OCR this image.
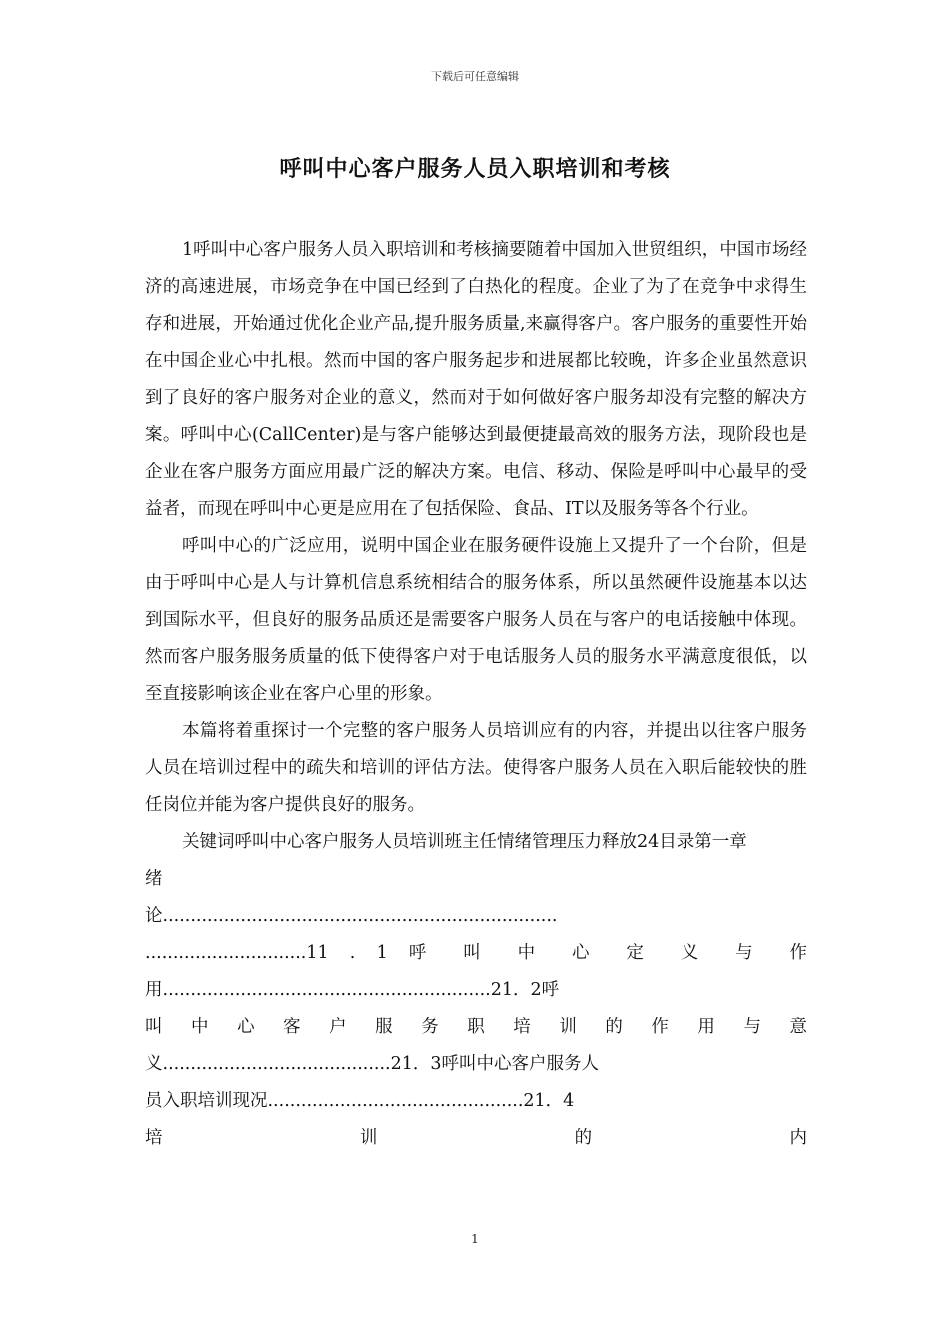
下载后可任意编辑
呼叫中心客户服务人员入职培训和考核

1呼叫中心客户服务人员入职培训和考核摘要随着中国加入世贸组织，中国市场经济的高速进展，市场竞争在中国已经到了白热化的程度。企业了为了在竞争中求得生存和进展，开始通过优化企业产品,提升服务质量,来赢得客户。客户服务的重要性开始在中国企业心中扎根。然而中国的客户服务起步和进展都比较晚，许多企业虽然意识到了良好的客户服务对企业的意义，然而对于如何做好客户服务却没有完整的解决方案。呼叫中心(CallCenter)是与客户能够达到最便捷最高效的服务方法，现阶段也是企业在客户服务方面应用最广泛的解决方案。电信、移动、保险是呼叫中心最早的受益者，而现在呼叫中心更是应用在了包括保险、食品、IT以及服务等各个行业。

呼叫中心的广泛应用，说明中国企业在服务硬件设施上又提升了一个台阶，但是由于呼叫中心是人与计算机信息系统相结合的服务体系，所以虽然硬件设施基本以达到国际水平，但良好的服务品质还是需要客户服务人员在与客户的电话接触中体现。然而客户服务服务质量的低下使得客户对于电话服务人员的服务水平满意度很低，以至直接影响该企业在客户心里的形象。

本篇将着重探讨一个完整的客户服务人员培训应有的内容，并提出以往客户服务人员在培训过程中的疏失和培训的评估方法。使得客户服务人员在入职后能较快的胜任岗位并能为客户提供良好的服务。

关键词呼叫中心客户服务人员培训班主任情绪管理压力释放24目录第一章

绪

论.......................................................................

.............................11 . 1 呼 叫 中 心 定 义 与 作

用...........................................................21．2呼

叫 中 心 客 户 服 务 职 培 训 的 作 用 与 意

义.........................................21．3呼叫中心客户服务人

员入职培训现况..............................................21．4

培 训 的 内

1
